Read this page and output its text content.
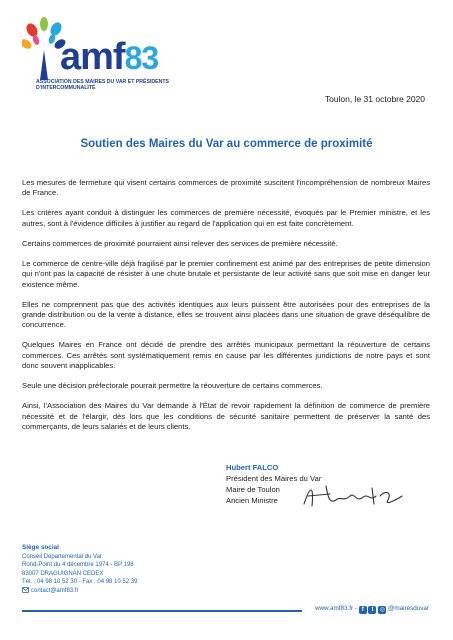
amf83
ASSOCIATION DES MAIRES DU VAR ET PRÉSIDENTS D'INTERCOMMUNALITÉ
Toulon, le 31 octobre 2020
Soutien des Maires du Var au commerce de proximité

Les mesures de fermeture qui visent certains commerces de proximité suscitent l'incompréhension de nombreux Maires de France.

Les critères ayant conduit à distinguer les commerces de première nécessité, évoqués par le Premier ministre, et les autres, sont à l'évidence difficiles à justifier au regard de l'application qui en est faite concrètement.

Certains commerces de proximité pourraient ainsi relever des services de première nécessité.

Le commerce de centre-ville déjà fragilisé par le premier confinement est animé par des entreprises de petite dimension qui n'ont pas la capacité de résister à une chute brutale et persistante de leur activité sans que soit mise en danger leur existence même.

Elles ne comprennent pas que des activités identiques aux leurs puissent être autorisées pour des entreprises de la grande distribution ou de la vente à distance, elles se trouvent ainsi placées dans une situation de grave déséquilibre de concurrence.

Quelques Maires en France ont décidé de prendre des arrêtés municipaux permettant la réouverture de certains commerces. Ces arrêtés sont systématiquement remis en cause par les différentes juridictions de notre pays et sont donc souvent inapplicables.

Seule une décision préfectorale pourrait permettre la réouverture de certains commerces.

Ainsi, l'Association des Maires du Var demande à l'État de revoir rapidement la définition de commerce de première nécessité et de l'élargir, dès lors que les conditions de sécurité sanitaire permettent de préserver la santé des commerçants, de leurs salariés et de leurs clients.

Hubert FALCO
Président des Maires du Var
Maire de Toulon
Ancien Ministre
Siège social
Conseil Départemental du Var
Rond-Point du 4 décembre 1974 - BP 198
83007 DRAGUIGNAN CEDEX
Tél. : 04 98 10 52 30 - Fax : 04 98 10 52 39
contact@amf83.fr
www.amf83.fr - f t ◎ @mairesduvar
